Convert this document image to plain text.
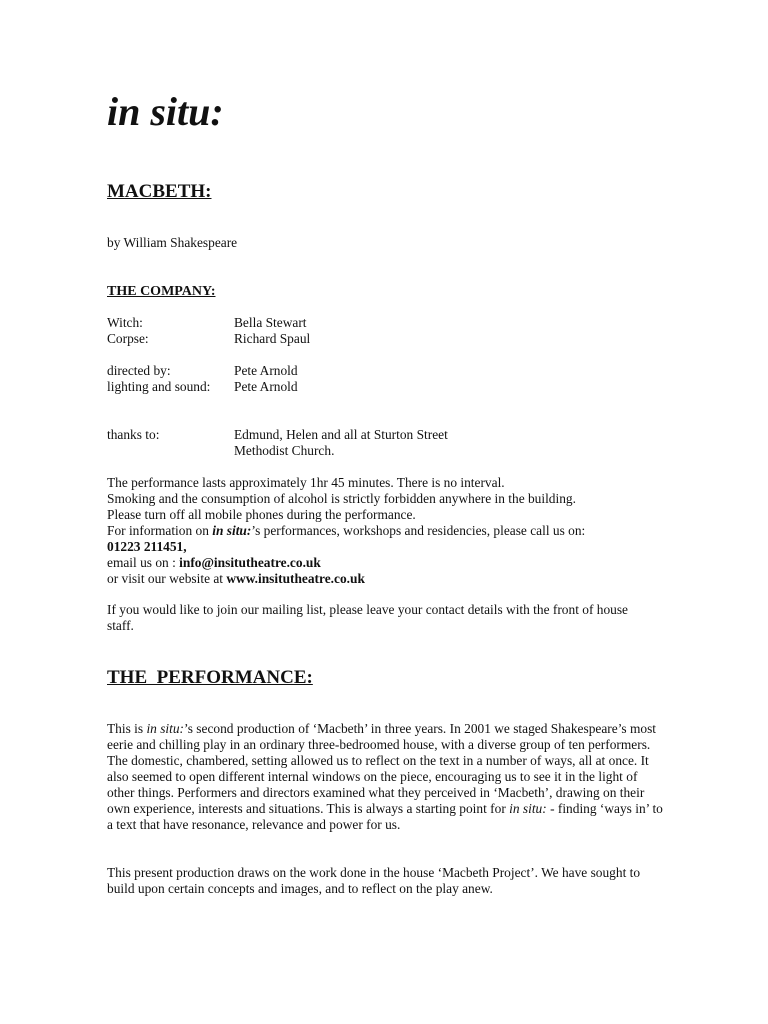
in situ:
MACBETH:

by William Shakespeare

THE COMPANY:
Witch:	Bella Stewart
Corpse:	Richard Spaul
directed by:	Pete Arnold
lighting and sound:	Pete Arnold
thanks to:	Edmund, Helen and all at Sturton Street
Methodist Church.
The performance lasts approximately 1hr 45 minutes. There is no interval.
Smoking and the consumption of alcohol is strictly forbidden anywhere in the building.
Please turn off all mobile phones during the performance.
For information on in situ:’s performances, workshops and residencies, please call us on:
01223 211451,
email us on : info@insitutheatre.co.uk
or visit our website at www.insitutheatre.co.uk

If you would like to join our mailing list, please leave your contact details with the front of house staff.

THE  PERFORMANCE:

This is in situ:’s second production of ‘Macbeth’ in three years. In 2001 we staged Shakespeare’s most eerie and chilling play in an ordinary three-bedroomed house, with a diverse group of ten performers. The domestic, chambered, setting allowed us to reflect on the text in a number of ways, all at once. It also seemed to open different internal windows on the piece, encouraging us to see it in the light of other things. Performers and directors examined what they perceived in ‘Macbeth’, drawing on their own experience, interests and situations. This is always a starting point for in situ: - finding ‘ways in’ to a text that have resonance, relevance and power for us.

This present production draws on the work done in the house ‘Macbeth Project’. We have sought to build upon certain concepts and images, and to reflect on the play anew.
